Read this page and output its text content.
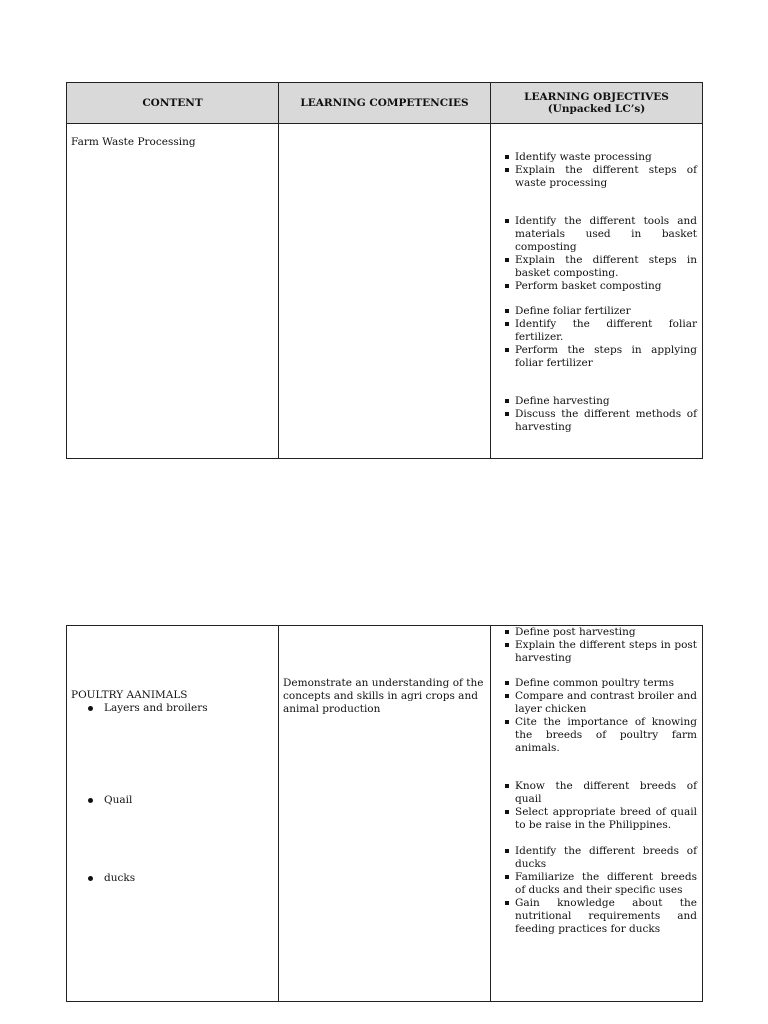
CONTENT	LEARNING COMPETENCIES	LEARNING OBJECTIVES
(Unpacked LC’s)
Farm Waste Processing
Identify waste processing
Explain the different steps of waste processing
Identify the different tools and materials used in basket composting
Explain the different steps in basket composting.
Perform basket composting
Define foliar fertilizer
Identify the different foliar fertilizer.
Perform the steps in applying foliar fertilizer
Define harvesting
Discuss the different methods of harvesting
POULTRY AANIMALS
Layers and broilers
Quail
ducks
Demonstrate an understanding of the concepts and skills in agri crops and animal production
Define post harvesting
Explain the different steps in post harvesting
Define common poultry terms
Compare and contrast broiler and layer chicken
Cite the importance of knowing the breeds of poultry farm animals.
Know the different breeds of quail
Select appropriate breed of quail to be raise in the Philippines.
Identify the different breeds of ducks
Familiarize the different breeds of ducks and their specific uses
Gain knowledge about the nutritional requirements and feeding practices for ducks
